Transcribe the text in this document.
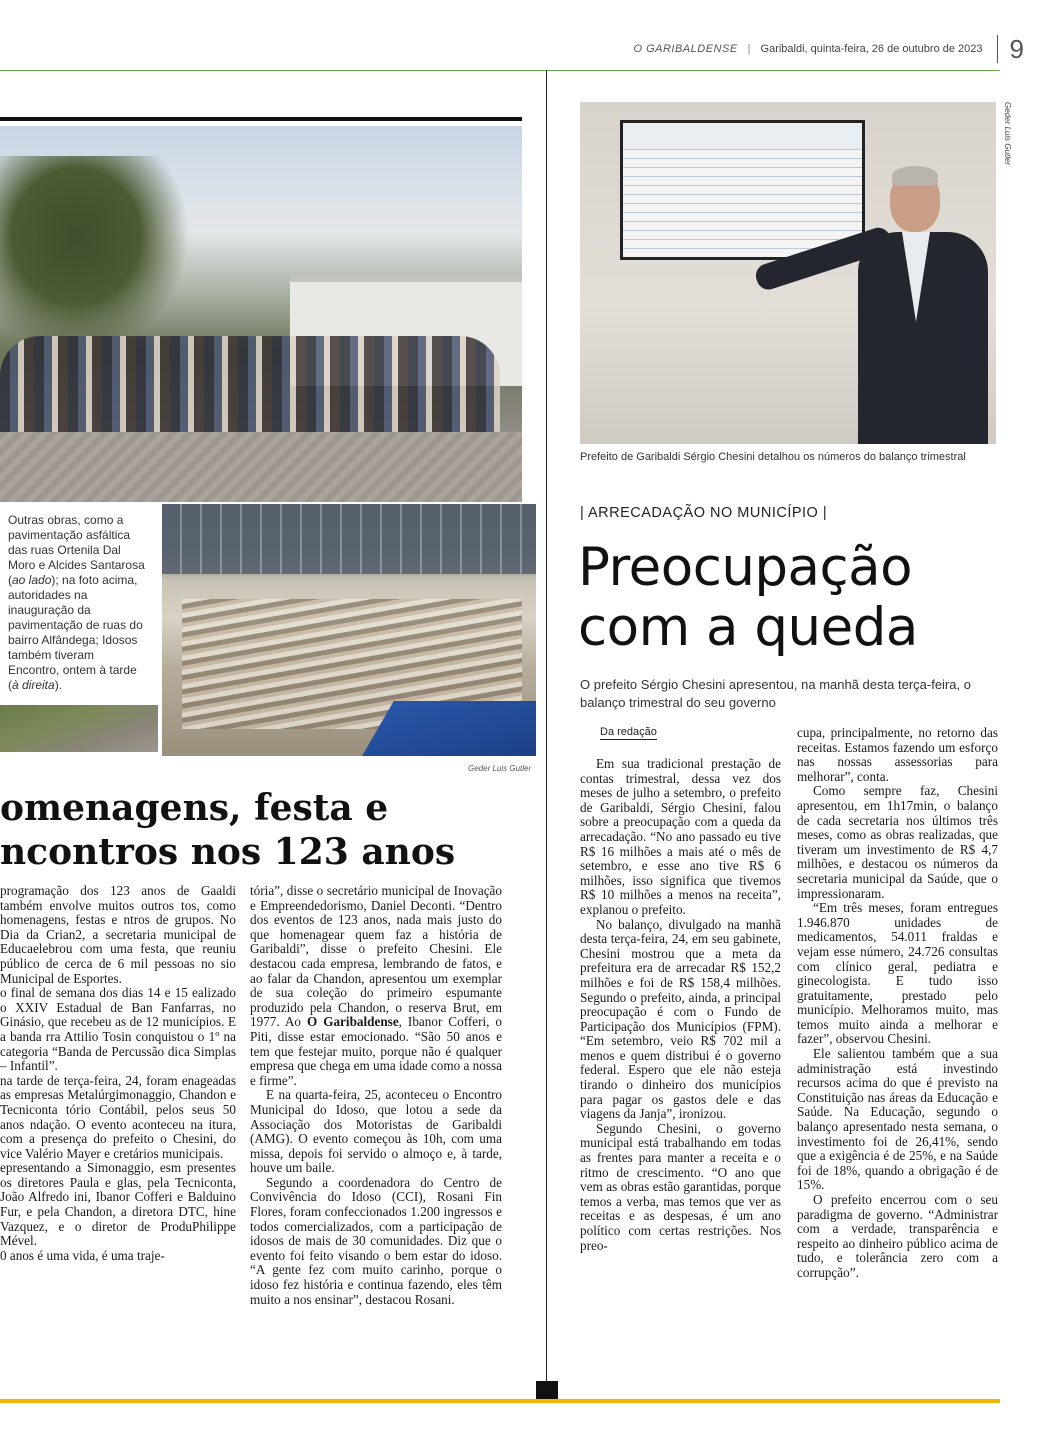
O GARIBALDENSE | Garibaldi, quinta-feira, 26 de outubro de 2023	9
Outras obras, como a pavimentação asfáltica das ruas Ortenila Dal Moro e Alcides Santarosa (ao lado); na foto acima, autoridades na inauguração da pavimentação de ruas do bairro Alfândega; Idosos também tiveram Encontro, ontem à tarde (à direita).
Geder Luis Gutler
Geder Luis Gutler
Prefeito de Garibaldi Sérgio Chesini detalhou os números do balanço trimestral
| ARRECADAÇÃO NO MUNICÍPIO |
Preocupação
com a queda
O prefeito Sérgio Chesini apresentou, na manhã desta terça-feira, o balanço trimestral do seu governo
Da redação

Em sua tradicional prestação de contas trimestral, dessa vez dos meses de julho a setembro, o prefeito de Garibaldi, Sérgio Chesini, falou sobre a preocupação com a queda da arrecadação. “No ano passado eu tive R$ 16 milhões a mais até o mês de setembro, e esse ano tive R$ 6 milhões, isso significa que tivemos R$ 10 milhões a menos na receita”, explanou o prefeito.

No balanço, divulgado na manhã desta terça-feira, 24, em seu gabinete, Chesini mostrou que a meta da prefeitura era de arrecadar R$ 152,2 milhões e foi de R$ 158,4 milhões. Segundo o prefeito, ainda, a principal preocupação é com o Fundo de Participação dos Municípios (FPM). “Em setembro, veio R$ 702 mil a menos e quem distribui é o governo federal. Espero que ele não esteja tirando o dinheiro dos municípios para pagar os gastos dele e das viagens da Janja”, ironizou.

Segundo Chesini, o governo municipal está trabalhando em todas as frentes para manter a receita e o ritmo de crescimento. “O ano que vem as obras estão garantidas, porque temos a verba, mas temos que ver as receitas e as despesas, é um ano político com certas restrições. Nos preo-

cupa, principalmente, no retorno das receitas. Estamos fazendo um esforço nas nossas assessorias para melhorar”, conta.

Como sempre faz, Chesini apresentou, em 1h17min, o balanço de cada secretaria nos últimos três meses, como as obras realizadas, que tiveram um investimento de R$ 4,7 milhões, e destacou os números da secretaria municipal da Saúde, que o impressionaram.

“Em três meses, foram entregues 1.946.870 unidades de medicamentos, 54.011 fraldas e vejam esse número, 24.726 consultas com clínico geral, pediatra e ginecologista. E tudo isso gratuitamente, prestado pelo município. Melhoramos muito, mas temos muito ainda a melhorar e fazer”, observou Chesini.

Ele salientou também que a sua administração está investindo recursos acima do que é previsto na Constituição nas áreas da Educação e Saúde. Na Educação, segundo o balanço apresentado nesta semana, o investimento foi de 26,41%, sendo que a exigência é de 25%, e na Saúde foi de 18%, quando a obrigação é de 15%.

O prefeito encerrou com o seu paradigma de governo. “Administrar com a verdade, transparência e respeito ao dinheiro público acima de tudo, e tolerância zero com a corrupção”.

omenagens, festa e
ncontros nos 123 anos

programação dos 123 anos de Gaaldi também envolve muitos outros tos, como homenagens, festas e ntros de grupos. No Dia da Crian2, a secretaria municipal de Educaelebrou com uma festa, que reuniu público de cerca de 6 mil pessoas no sio Municipal de Esportes.

o final de semana dos dias 14 e 15 ealizado o XXIV Estadual de Ban Fanfarras, no Ginásio, que recebeu as de 12 municípios. E a banda rra Attilio Tosin conquistou o 1º na categoria “Banda de Percussão dica Simplas – Infantil”.

na tarde de terça-feira, 24, foram enageadas as empresas Metalúrgimonaggio, Chandon e Tecniconta tório Contábil, pelos seus 50 anos ndação. O evento aconteceu na itura, com a presença do prefeito o Chesini, do vice Valério Mayer e cretários municipais.

epresentando a Simonaggio, esm presentes os diretores Paula e glas, pela Tecniconta, João Alfredo ini, Ibanor Cofferi e Balduino Fur, e pela Chandon, a diretora DTC, hine Vazquez, e o diretor de ProduPhilippe Mével.

0 anos é uma vida, é uma traje-

tória”, disse o secretário municipal de Inovação e Empreendedorismo, Daniel Deconti. “Dentro dos eventos de 123 anos, nada mais justo do que homenagear quem faz a história de Garibaldi”, disse o prefeito Chesini. Ele destacou cada empresa, lembrando de fatos, e ao falar da Chandon, apresentou um exemplar de sua coleção do primeiro espumante produzido pela Chandon, o reserva Brut, em 1977. Ao O Garibaldense, Ibanor Cofferi, o Piti, disse estar emocionado. “São 50 anos e tem que festejar muito, porque não é qualquer empresa que chega em uma idade como a nossa e firme”.

E na quarta-feira, 25, aconteceu o Encontro Municipal do Idoso, que lotou a sede da Associação dos Motoristas de Garibaldi (AMG). O evento começou às 10h, com uma missa, depois foi servido o almoço e, à tarde, houve um baile.

Segundo a coordenadora do Centro de Convivência do Idoso (CCI), Rosani Fin Flores, foram confeccionados 1.200 ingressos e todos comercializados, com a participação de idosos de mais de 30 comunidades. Diz que o evento foi feito visando o bem estar do idoso. “A gente fez com muito carinho, porque o idoso fez história e continua fazendo, eles têm muito a nos ensinar”, destacou Rosani.
